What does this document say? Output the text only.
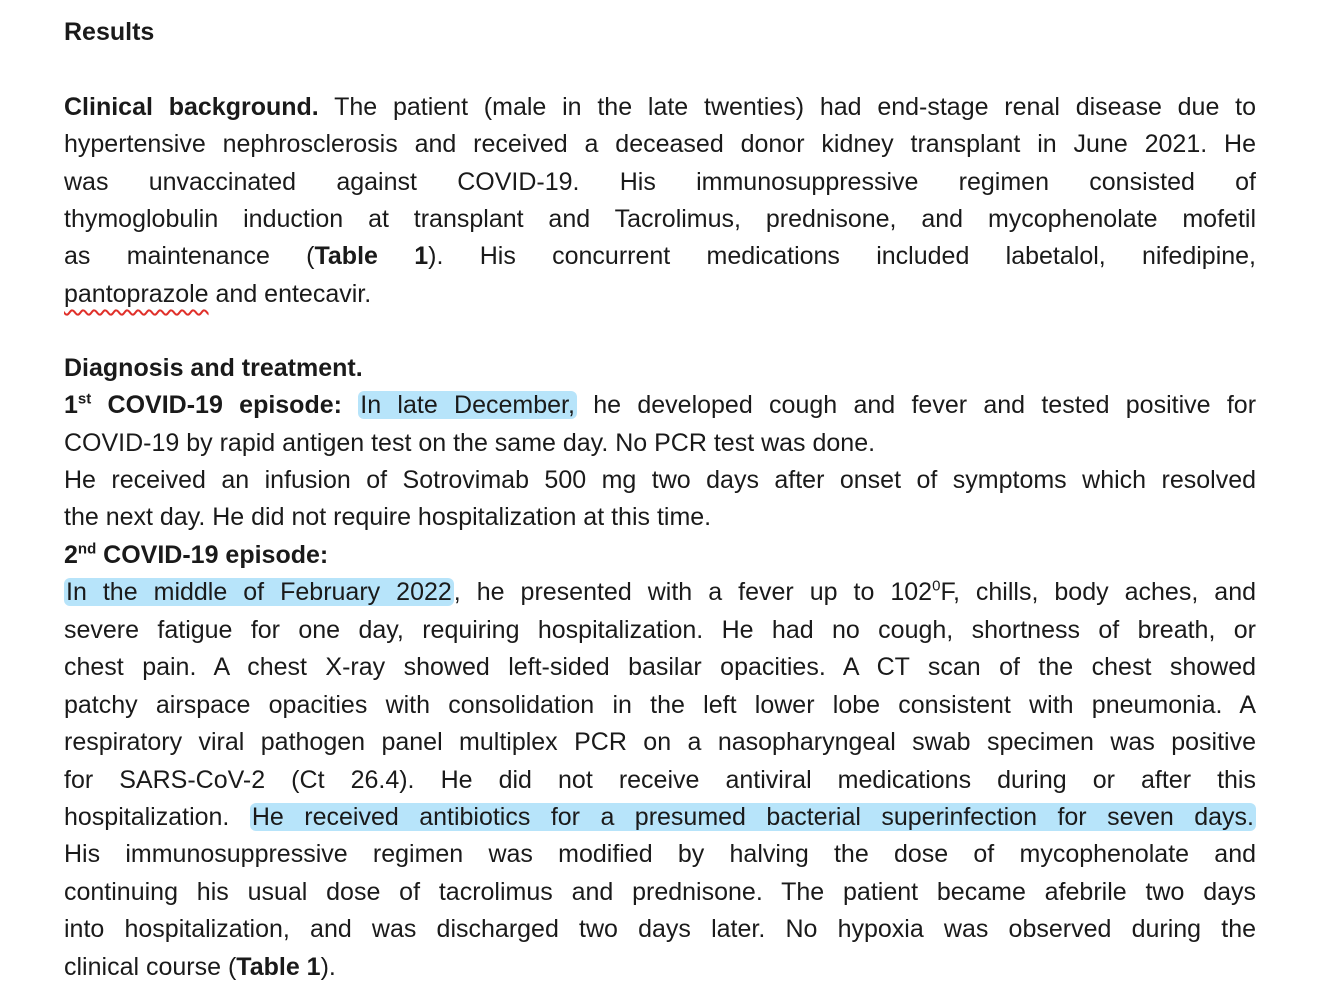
Results
Clinical background. The patient (male in the late twenties) had end-stage renal disease due to
hypertensive nephrosclerosis and received a deceased donor kidney transplant in June 2021. He
was unvaccinated against COVID-19. His immunosuppressive regimen consisted of
thymoglobulin induction at transplant and Tacrolimus, prednisone, and mycophenolate mofetil
as maintenance (Table 1). His concurrent medications included labetalol, nifedipine,
pantoprazole and entecavir.
Diagnosis and treatment.
1st COVID-19 episode: In late December, he developed cough and fever and tested positive for
COVID-19 by rapid antigen test on the same day. No PCR test was done.
He received an infusion of Sotrovimab 500 mg two days after onset of symptoms which resolved
the next day. He did not require hospitalization at this time.
2nd COVID-19 episode:
In the middle of February 2022, he presented with a fever up to $102^0F$, chills, body aches, and
severe fatigue for one day, requiring hospitalization. He had no cough, shortness of breath, or
chest pain. A chest X-ray showed left-sided basilar opacities. A CT scan of the chest showed
patchy airspace opacities with consolidation in the left lower lobe consistent with pneumonia. A
respiratory viral pathogen panel multiplex PCR on a nasopharyngeal swab specimen was positive
for SARS-CoV-2 (Ct 26.4). He did not receive antiviral medications during or after this
hospitalization. He received antibiotics for a presumed bacterial superinfection for seven days.
His immunosuppressive regimen was modified by halving the dose of mycophenolate and
continuing his usual dose of tacrolimus and prednisone. The patient became afebrile two days
into hospitalization, and was discharged two days later. No hypoxia was observed during the
clinical course (Table 1).
